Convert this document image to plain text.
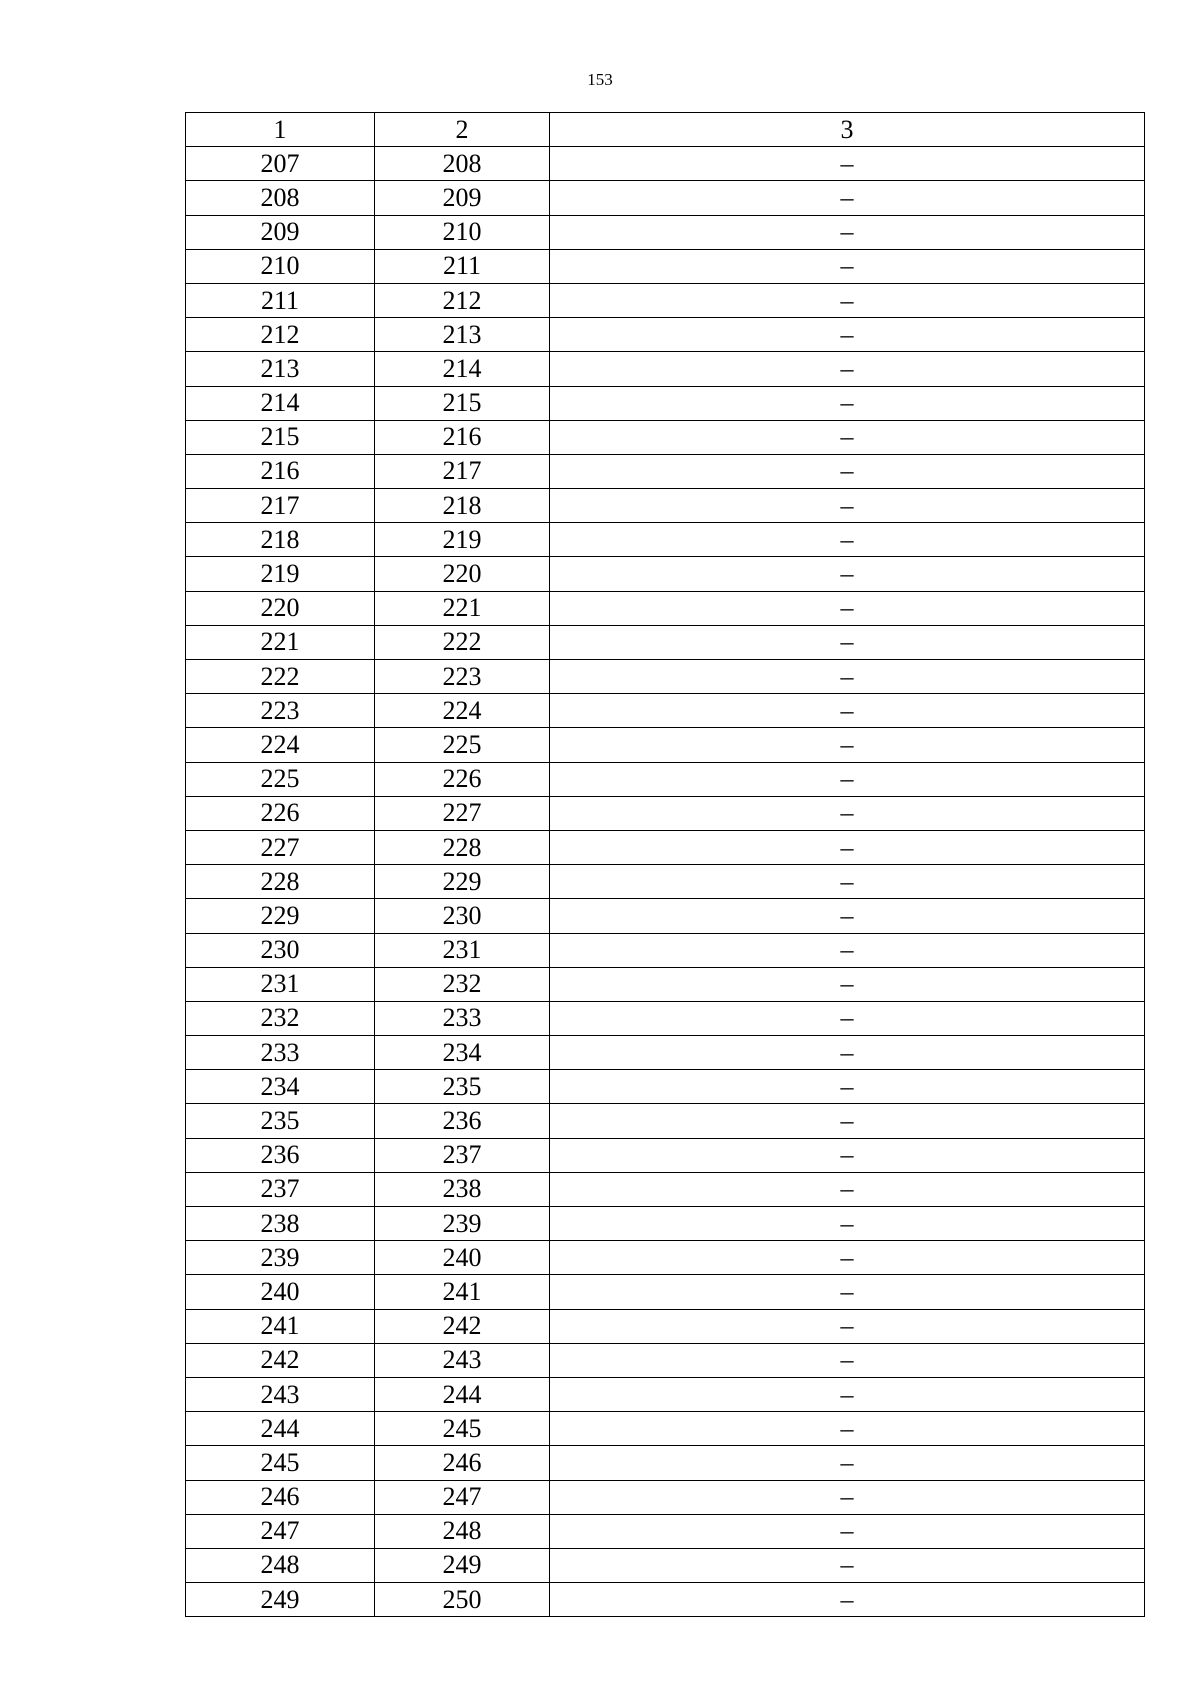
153
1	2	3
207	208	–
208	209	–
209	210	–
210	211	–
211	212	–
212	213	–
213	214	–
214	215	–
215	216	–
216	217	–
217	218	–
218	219	–
219	220	–
220	221	–
221	222	–
222	223	–
223	224	–
224	225	–
225	226	–
226	227	–
227	228	–
228	229	–
229	230	–
230	231	–
231	232	–
232	233	–
233	234	–
234	235	–
235	236	–
236	237	–
237	238	–
238	239	–
239	240	–
240	241	–
241	242	–
242	243	–
243	244	–
244	245	–
245	246	–
246	247	–
247	248	–
248	249	–
249	250	–
